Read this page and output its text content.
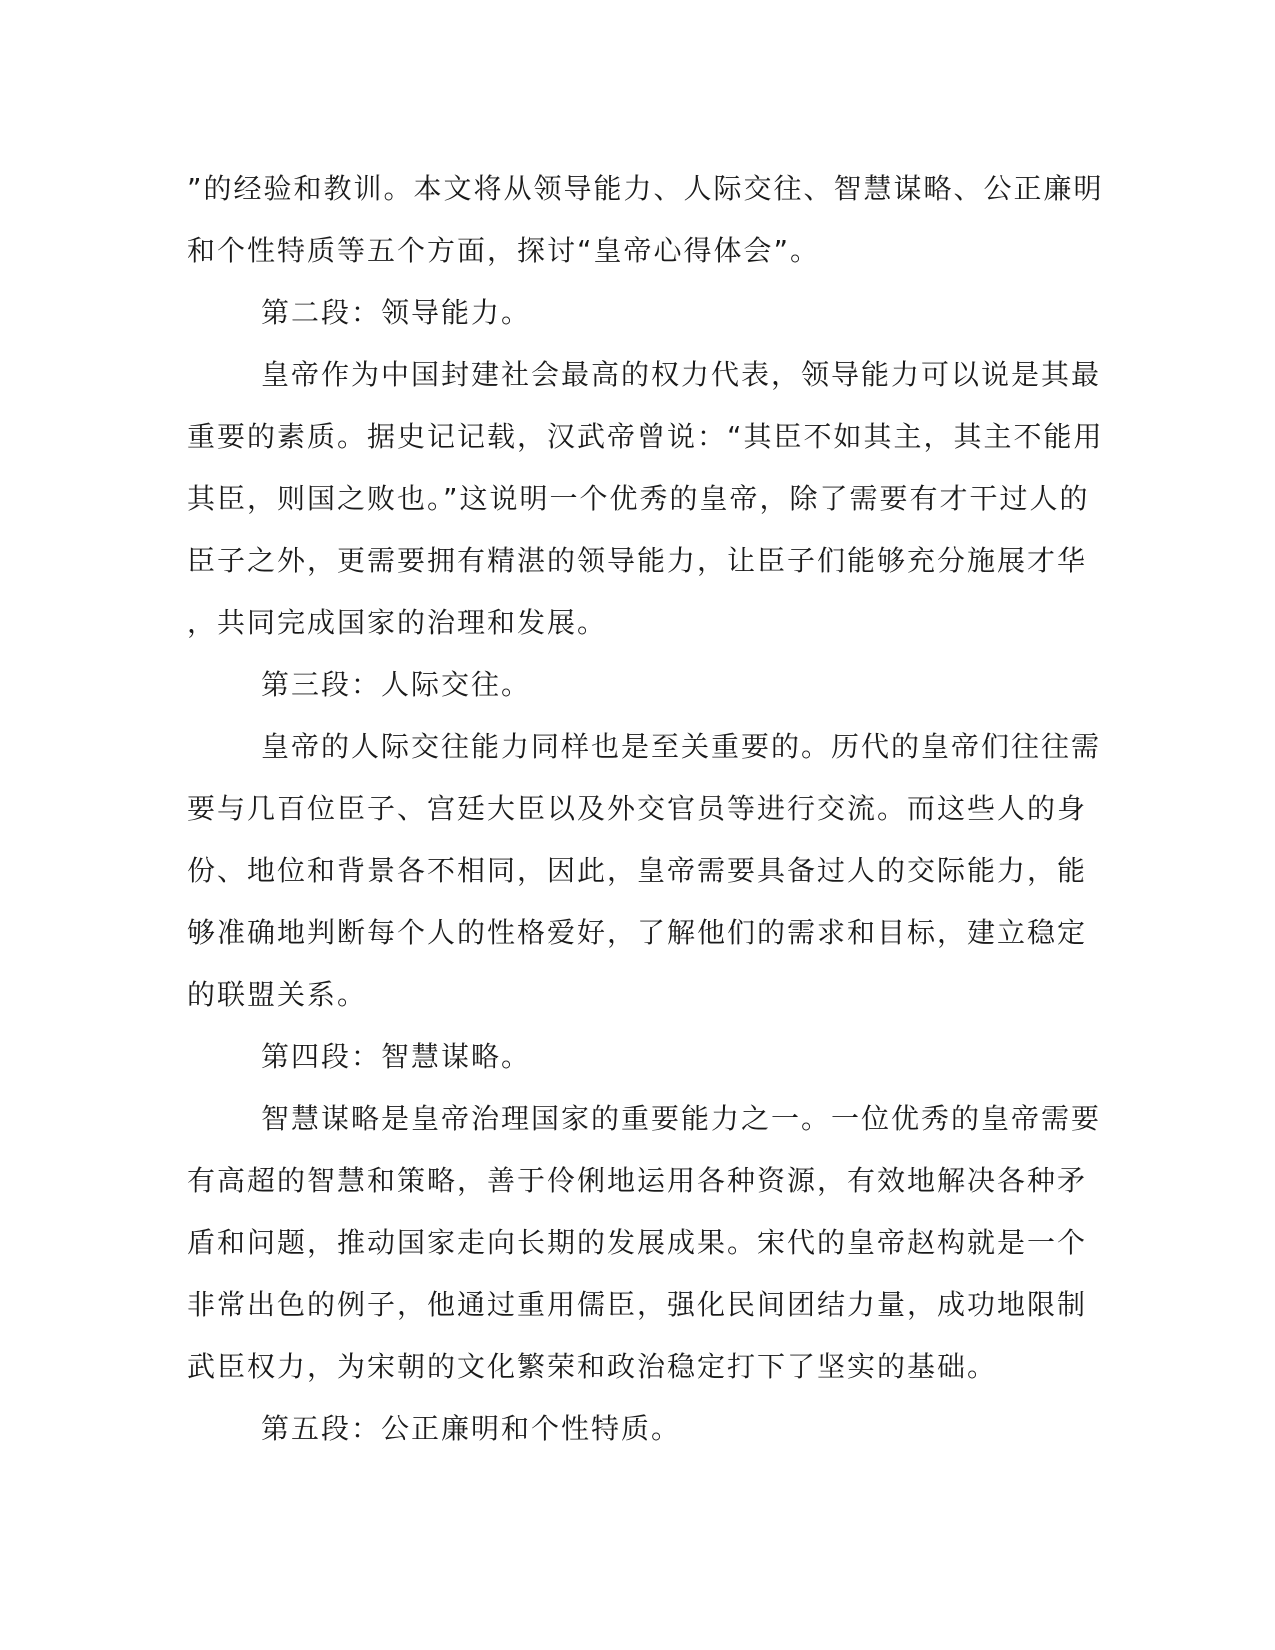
”的经验和教训。本文将从领导能力、人际交往、智慧谋略、公正廉明
和个性特质等五个方面，探讨“皇帝心得体会”。

第二段：领导能力。

皇帝作为中国封建社会最高的权力代表，领导能力可以说是其最
重要的素质。据史记记载，汉武帝曾说：“其臣不如其主，其主不能用
其臣，则国之败也。”这说明一个优秀的皇帝，除了需要有才干过人的
臣子之外，更需要拥有精湛的领导能力，让臣子们能够充分施展才华
，共同完成国家的治理和发展。

第三段：人际交往。

皇帝的人际交往能力同样也是至关重要的。历代的皇帝们往往需
要与几百位臣子、宫廷大臣以及外交官员等进行交流。而这些人的身
份、地位和背景各不相同，因此，皇帝需要具备过人的交际能力，能
够准确地判断每个人的性格爱好，了解他们的需求和目标，建立稳定
的联盟关系。

第四段：智慧谋略。

智慧谋略是皇帝治理国家的重要能力之一。一位优秀的皇帝需要
有高超的智慧和策略，善于伶俐地运用各种资源，有效地解决各种矛
盾和问题，推动国家走向长期的发展成果。宋代的皇帝赵构就是一个
非常出色的例子，他通过重用儒臣，强化民间团结力量，成功地限制
武臣权力，为宋朝的文化繁荣和政治稳定打下了坚实的基础。

第五段：公正廉明和个性特质。
